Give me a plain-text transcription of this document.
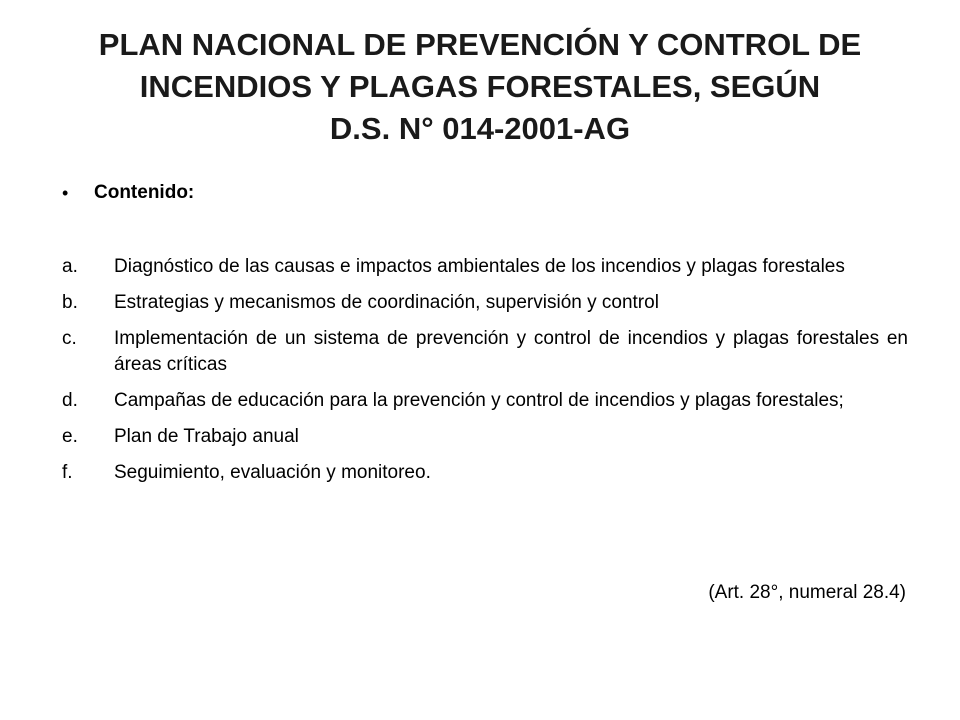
PLAN NACIONAL DE PREVENCIÓN Y CONTROL DE
INCENDIOS Y PLAGAS FORESTALES, SEGÚN
D.S. N° 014-2001-AG
•	Contenido:
a.	Diagnóstico de las causas e impactos ambientales de los incendios y plagas forestales
b.	Estrategias y mecanismos de coordinación, supervisión y control
c.	Implementación de un sistema de prevención y control de incendios y plagas forestales en áreas críticas
d.	Campañas de educación para la prevención y control de incendios y plagas forestales;
e.	Plan de Trabajo anual
f.	Seguimiento, evaluación y monitoreo.
(Art. 28°, numeral 28.4)
